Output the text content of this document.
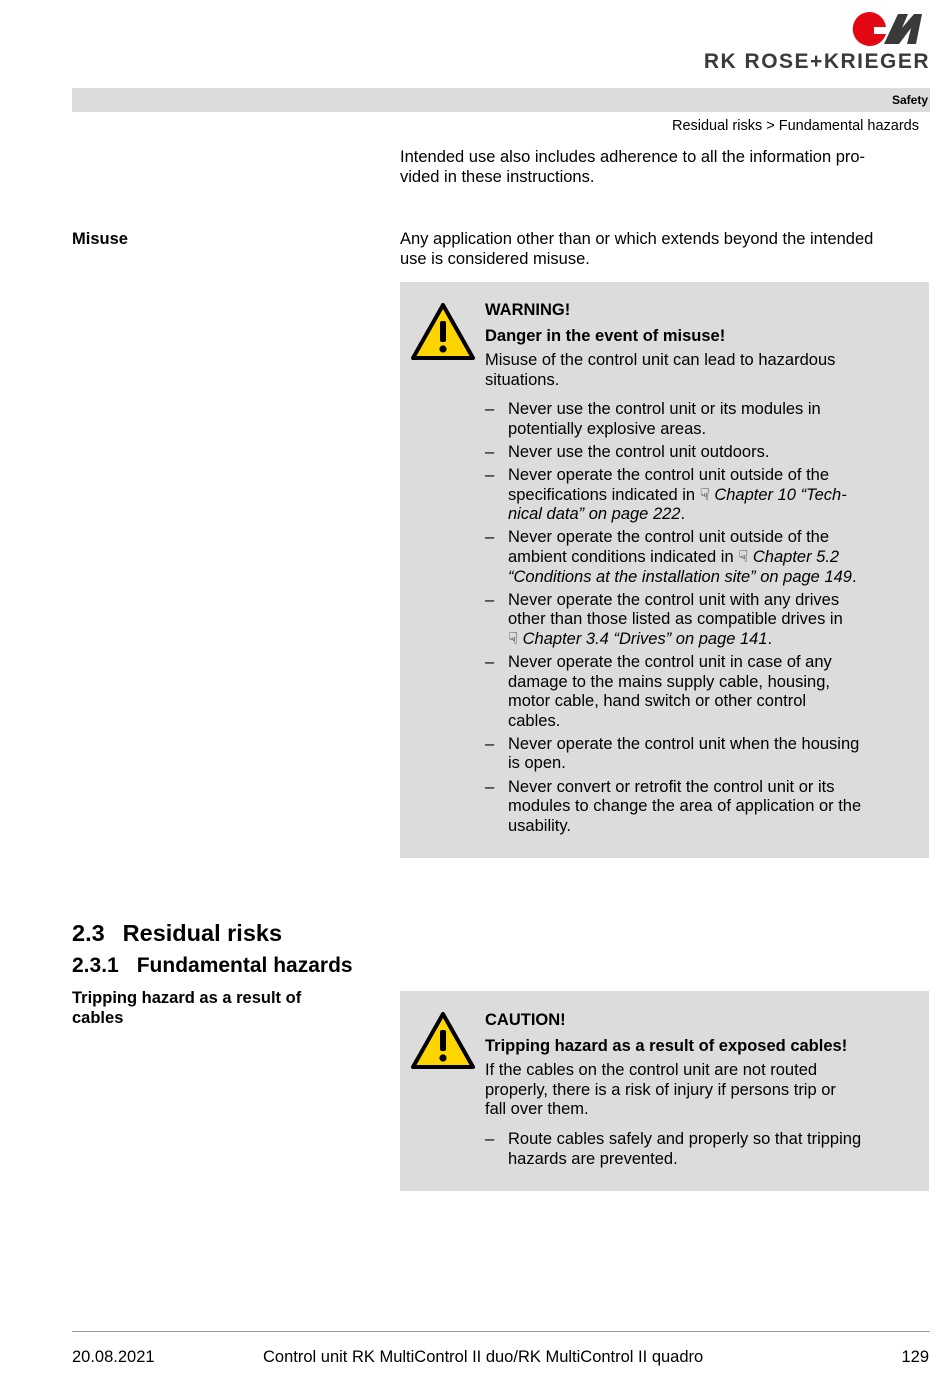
RK ROSE+KRIEGER
Safety
Residual risks > Fundamental hazards
Intended use also includes adherence to all the information pro-
vided in these instructions.
Misuse	Any application other than or which extends beyond the intended
use is considered misuse.
WARNING!
Danger in the event of misuse!
Misuse of the control unit can lead to hazardous
situations.
– Never use the control unit or its modules in
potentially explosive areas.
– Never use the control unit outdoors.
– Never operate the control unit outside of the
specifications indicated in ☟ Chapter 10 “Tech-
nical data” on page 222.
– Never operate the control unit outside of the
ambient conditions indicated in ☟ Chapter 5.2
“Conditions at the installation site” on page 149.
– Never operate the control unit with any drives
other than those listed as compatible drives in
☟ Chapter 3.4 “Drives” on page 141.
– Never operate the control unit in case of any
damage to the mains supply cable, housing,
motor cable, hand switch or other control
cables.
– Never operate the control unit when the housing
is open.
– Never convert or retrofit the control unit or its
modules to change the area of application or the
usability.
2.3 Residual risks
2.3.1 Fundamental hazards
Tripping hazard as a result of
cables	CAUTION!
Tripping hazard as a result of exposed cables!
If the cables on the control unit are not routed
properly, there is a risk of injury if persons trip or
fall over them.
– Route cables safely and properly so that tripping
hazards are prevented.
20.08.2021	Control unit RK MultiControl II duo/RK MultiControl II quadro	129
